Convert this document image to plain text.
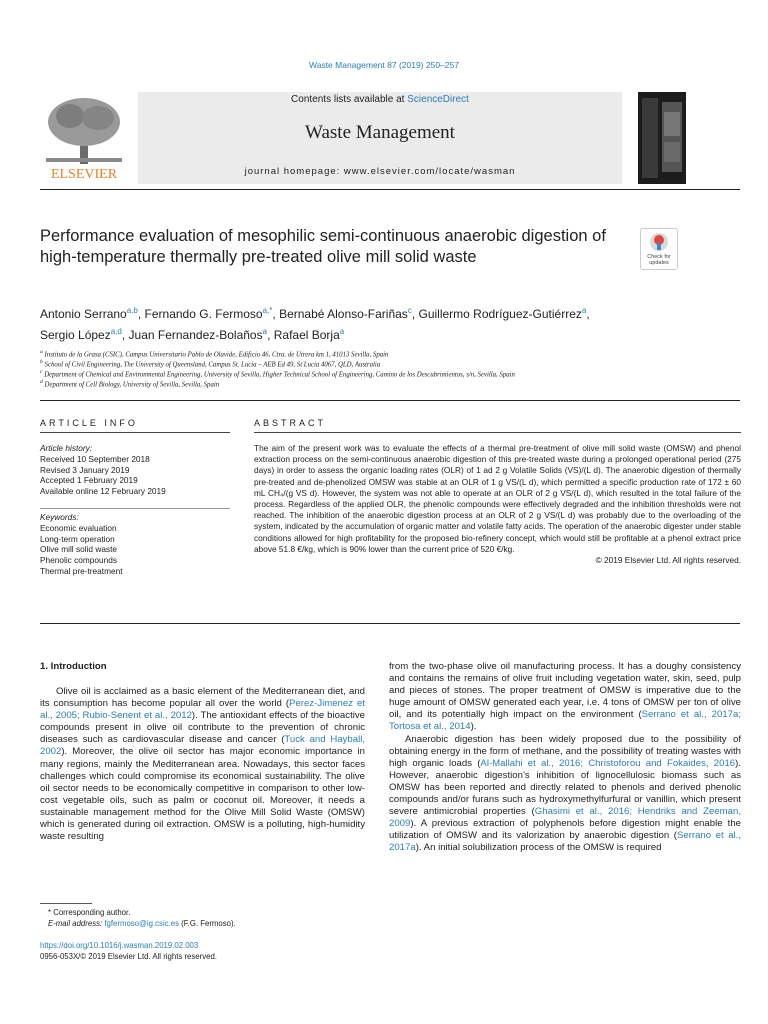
Waste Management 87 (2019) 250–257
ELSEVIER
Contents lists available at ScienceDirect
Waste Management
journal homepage: www.elsevier.com/locate/wasman
Performance evaluation of mesophilic semi-continuous anaerobic digestion of high-temperature thermally pre-treated olive mill solid waste	Check for updates
Antonio Serrano$^{a,b}$, Fernando G. Fermoso$^{a,*}$, Bernabé Alonso-Fariñas$^c$, Guillermo Rodríguez-Gutiérrez$^a$,
Sergio López$^{a,d}$, Juan Fernandez-Bolaños$^a$, Rafael Borja$^a$
$^a$ Instituto de la Grasa (CSIC), Campus Universitario Pablo de Olavide, Edificio 46, Ctra. de Utrera km 1, 41013 Sevilla, Spain
$^b$ School of Civil Engineering, The University of Queensland, Campus St. Lucia – AEB Ed 49, St Lucia 4067, QLD, Australia
$^c$ Department of Chemical and Environmental Engineering, University of Sevilla, Higher Technical School of Engineering, Camino de los Descubrimientos, s/n, Sevilla, Spain
$^d$ Department of Cell Biology, University of Sevilla, Sevilla, Spain
ARTICLE INFO
Article history:
Received 10 September 2018
Revised 3 January 2019
Accepted 1 February 2019
Available online 12 February 2019
Keywords:
Economic evaluation
Long-term operation
Olive mill solid waste
Phenolic compounds
Thermal pre-treatment
ABSTRACT
The aim of the present work was to evaluate the effects of a thermal pre-treatment of olive mill solid waste (OMSW) and phenol extraction process on the semi-continuous anaerobic digestion of this pre-treated waste during a prolonged operational period (275 days) in order to assess the organic loading rates (OLR) of 1 ad 2 g Volatile Solids (VS)/(L d). The anaerobic digestion of thermally pre-treated and de-phenolized OMSW was stable at an OLR of 1 g VS/(L d), which permitted a specific production rate of 172 ± 60 mL CH₄/(g VS d). However, the system was not able to operate at an OLR of 2 g VS/(L d), which resulted in the total failure of the process. Regardless of the applied OLR, the phenolic compounds were effectively degraded and the inhibition thresholds were not reached. The inhibition of the anaerobic digestion process at an OLR of 2 g VS/(L d) was probably due to the overloading of the system, indicated by the accumulation of organic matter and volatile fatty acids. The operation of the anaerobic digester under stable conditions allowed for high profitability for the proposed bio-refinery concept, which would still be profitable at a phenol extract price above 51.8 €/kg, which is 90% lower than the current price of 520 €/kg.
© 2019 Elsevier Ltd. All rights reserved.
1. Introduction

Olive oil is acclaimed as a basic element of the Mediterranean diet, and its consumption has become popular all over the world (Perez-Jimenez et al., 2005; Rubio-Senent et al., 2012). The antioxidant effects of the bioactive compounds present in olive oil contribute to the prevention of chronic diseases such as cardiovascular disease and cancer (Tuck and Hayball, 2002). Moreover, the olive oil sector has major economic importance in many regions, mainly the Mediterranean area. Nowadays, this sector faces challenges which could compromise its economical sustainability. The olive oil sector needs to be economically competitive in comparison to other low-cost vegetable oils, such as palm or coconut oil. Moreover, it needs a sustainable management method for the Olive Mill Solid Waste (OMSW) which is generated during oil extraction. OMSW is a polluting, high-humidity waste resulting

from the two-phase olive oil manufacturing process. It has a doughy consistency and contains the remains of olive fruit including vegetation water, skin, seed, pulp and pieces of stones. The proper treatment of OMSW is imperative due to the huge amount of OMSW generated each year, i.e. 4 tons of OMSW per ton of olive oil, and its potentially high impact on the environment (Serrano et al., 2017a; Tortosa et al., 2014).

Anaerobic digestion has been widely proposed due to the possibility of obtaining energy in the form of methane, and the possibility of treating wastes with high organic loads (Al-Mallahi et al., 2016; Christoforou and Fokaides, 2016). However, anaerobic digestion’s inhibition of lignocellulosic biomass such as OMSW has been reported and directly related to phenols and derived phenolic compounds and/or furans such as hydroxymethylfurfural or vanillin, which present severe antimicrobial properties (Ghasimi et al., 2016; Hendriks and Zeeman, 2009). A previous extraction of polyphenols before digestion might enable the utilization of OMSW and its valorization by anaerobic digestion (Serrano et al., 2017a). An initial solubilization process of the OMSW is required

* Corresponding author.
E-mail address: fgfermoso@ig.csic.es (F.G. Fermoso).
https://doi.org/10.1016/j.wasman.2019.02.003
0956-053X/© 2019 Elsevier Ltd. All rights reserved.
